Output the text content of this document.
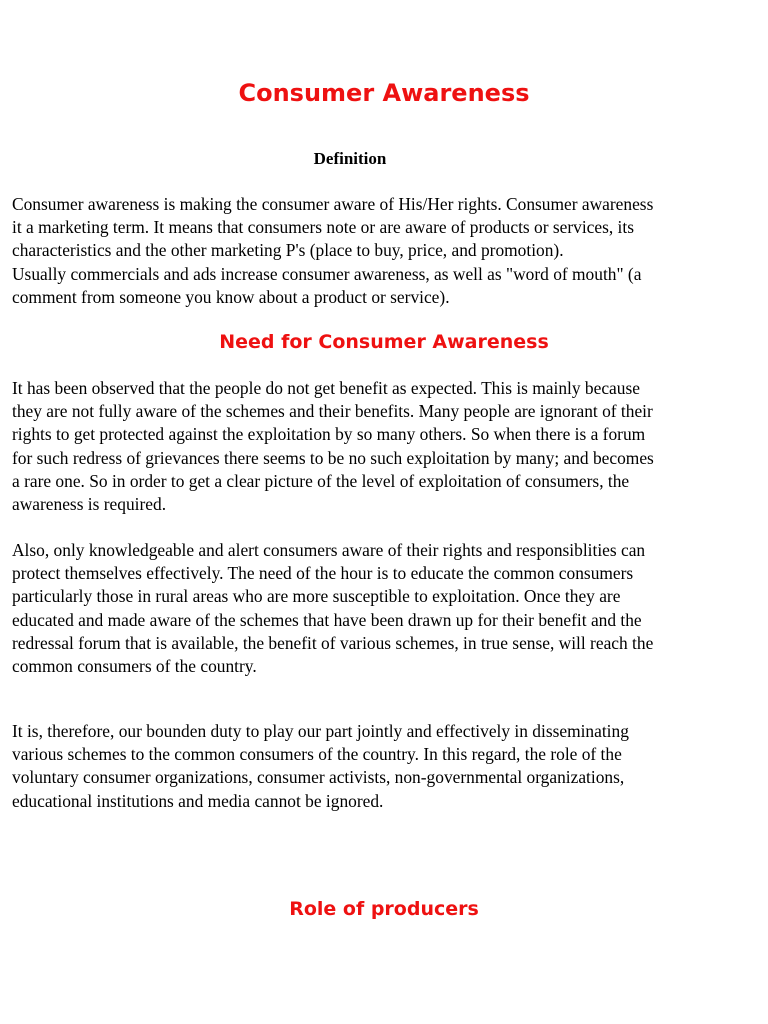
Consumer Awareness
Definition

Consumer awareness is making the consumer aware of His/Her rights. Consumer awareness
it a marketing term. It means that consumers note or are aware of products or services, its
characteristics and the other marketing P's (place to buy, price, and promotion).
Usually commercials and ads increase consumer awareness, as well as "word of mouth" (a
comment from someone you know about a product or service).

Need for Consumer Awareness

It has been observed that the people do not get benefit as expected. This is mainly because
they are not fully aware of the schemes and their benefits. Many people are ignorant of their
rights to get protected against the exploitation by so many others. So when there is a forum
for such redress of grievances there seems to be no such exploitation by many; and becomes
a rare one. So in order to get a clear picture of the level of exploitation of consumers, the
awareness is required.

Also, only knowledgeable and alert consumers aware of their rights and responsiblities can
protect themselves effectively. The need of the hour is to educate the common consumers
particularly those in rural areas who are more susceptible to exploitation. Once they are
educated and made aware of the schemes that have been drawn up for their benefit and the
redressal forum that is available, the benefit of various schemes, in true sense, will reach the
common consumers of the country.

It is, therefore, our bounden duty to play our part jointly and effectively in disseminating
various schemes to the common consumers of the country. In this regard, the role of the
voluntary consumer organizations, consumer activists, non-governmental organizations,
educational institutions and media cannot be ignored.

Role of producers
